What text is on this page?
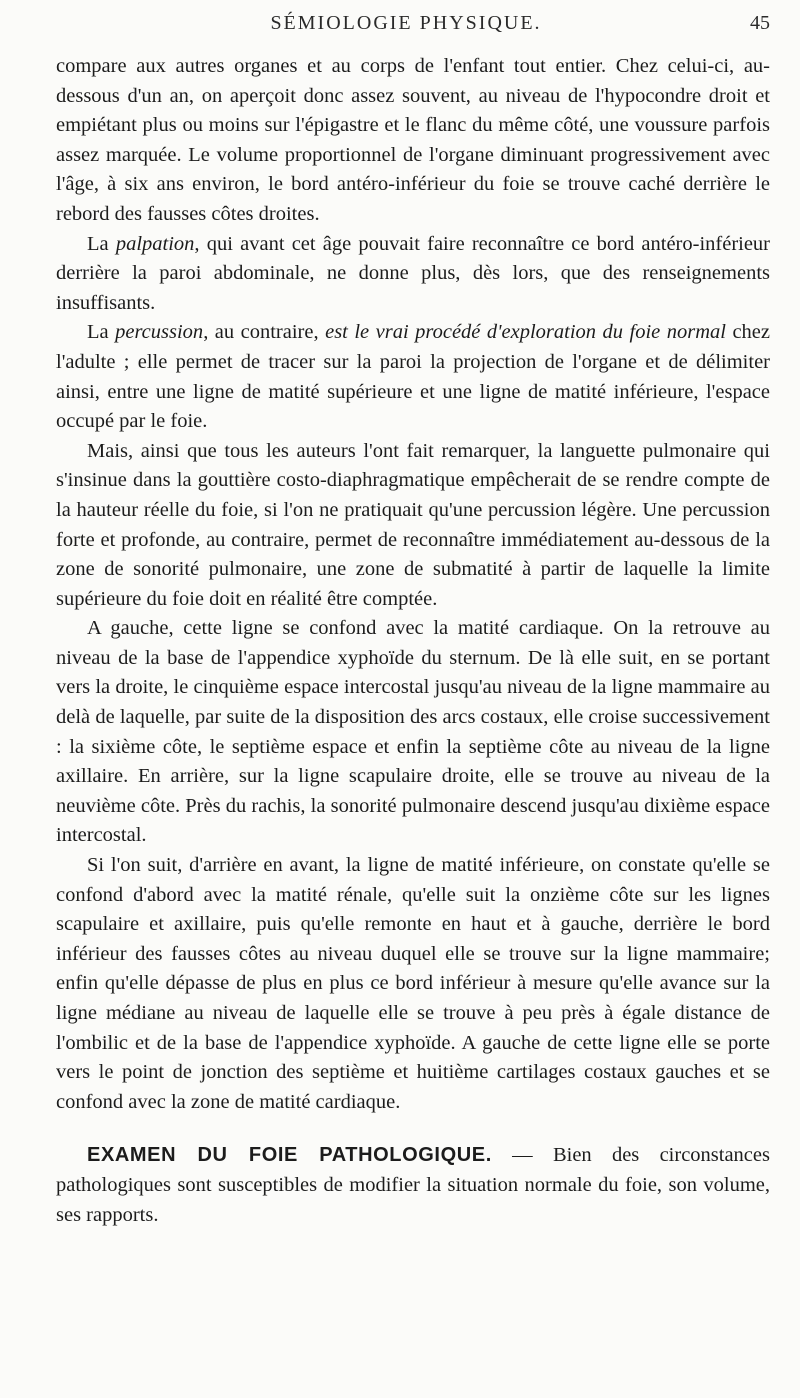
SÉMIOLOGIE PHYSIQUE.	45

compare aux autres organes et au corps de l'enfant tout entier. Chez celui-ci, au-dessous d'un an, on aperçoit donc assez souvent, au niveau de l'hypocondre droit et empiétant plus ou moins sur l'épigastre et le flanc du même côté, une voussure parfois assez marquée. Le volume proportionnel de l'organe diminuant progressivement avec l'âge, à six ans environ, le bord antéro-inférieur du foie se trouve caché derrière le rebord des fausses côtes droites.

La palpation, qui avant cet âge pouvait faire reconnaître ce bord antéro-inférieur derrière la paroi abdominale, ne donne plus, dès lors, que des renseignements insuffisants.

La percussion, au contraire, est le vrai procédé d'exploration du foie normal chez l'adulte ; elle permet de tracer sur la paroi la projection de l'organe et de délimiter ainsi, entre une ligne de matité supérieure et une ligne de matité inférieure, l'espace occupé par le foie.

Mais, ainsi que tous les auteurs l'ont fait remarquer, la languette pulmonaire qui s'insinue dans la gouttière costo-diaphragmatique empêcherait de se rendre compte de la hauteur réelle du foie, si l'on ne pratiquait qu'une percussion légère. Une percussion forte et profonde, au contraire, permet de reconnaître immédiatement au-dessous de la zone de sonorité pulmonaire, une zone de submatité à partir de laquelle la limite supérieure du foie doit en réalité être comptée.

A gauche, cette ligne se confond avec la matité cardiaque. On la retrouve au niveau de la base de l'appendice xyphoïde du sternum. De là elle suit, en se portant vers la droite, le cinquième espace intercostal jusqu'au niveau de la ligne mammaire au delà de laquelle, par suite de la disposition des arcs costaux, elle croise successivement : la sixième côte, le septième espace et enfin la septième côte au niveau de la ligne axillaire. En arrière, sur la ligne scapulaire droite, elle se trouve au niveau de la neuvième côte. Près du rachis, la sonorité pulmonaire descend jusqu'au dixième espace intercostal.

Si l'on suit, d'arrière en avant, la ligne de matité inférieure, on constate qu'elle se confond d'abord avec la matité rénale, qu'elle suit la onzième côte sur les lignes scapulaire et axillaire, puis qu'elle remonte en haut et à gauche, derrière le bord inférieur des fausses côtes au niveau duquel elle se trouve sur la ligne mammaire; enfin qu'elle dépasse de plus en plus ce bord inférieur à mesure qu'elle avance sur la ligne médiane au niveau de laquelle elle se trouve à peu près à égale distance de l'ombilic et de la base de l'appendice xyphoïde. A gauche de cette ligne elle se porte vers le point de jonction des septième et huitième cartilages costaux gauches et se confond avec la zone de matité cardiaque.

EXAMEN DU FOIE PATHOLOGIQUE. — Bien des circonstances pathologiques sont susceptibles de modifier la situation normale du foie, son volume, ses rapports.
